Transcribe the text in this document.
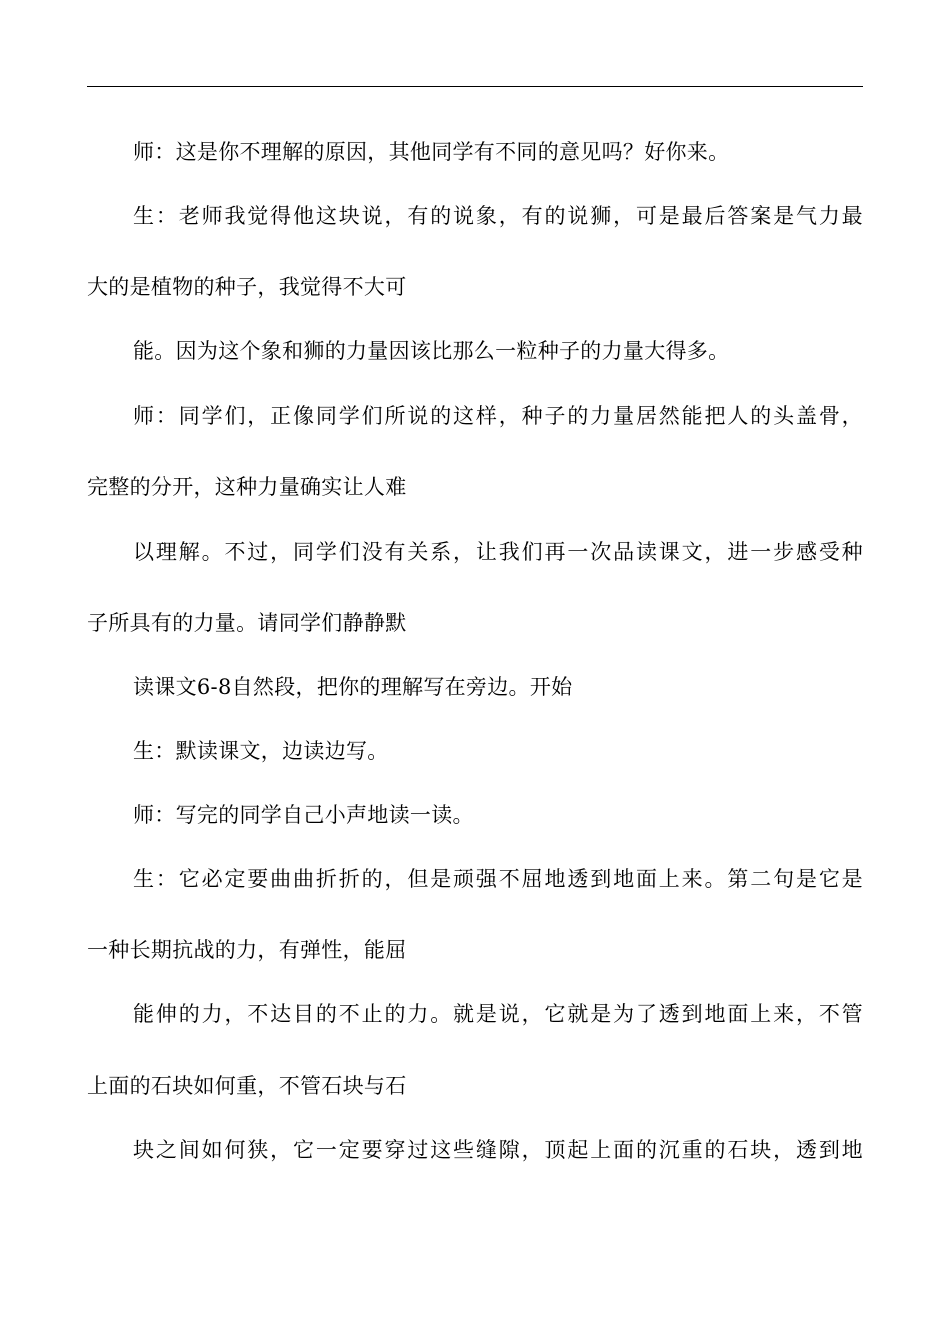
师：这是你不理解的原因，其他同学有不同的意见吗？好你来。
生：老师我觉得他这块说，有的说象，有的说狮，可是最后答案是气力最
大的是植物的种子，我觉得不大可
能。因为这个象和狮的力量因该比那么一粒种子的力量大得多。
师：同学们，正像同学们所说的这样，种子的力量居然能把人的头盖骨，
完整的分开，这种力量确实让人难
以理解。不过，同学们没有关系，让我们再一次品读课文，进一步感受种
子所具有的力量。请同学们静静默
读课文6-8自然段，把你的理解写在旁边。开始
生：默读课文，边读边写。
师：写完的同学自己小声地读一读。
生：它必定要曲曲折折的，但是顽强不屈地透到地面上来。第二句是它是
一种长期抗战的力，有弹性，能屈
能伸的力，不达目的不止的力。就是说，它就是为了透到地面上来，不管
上面的石块如何重，不管石块与石
块之间如何狭，它一定要穿过这些缝隙，顶起上面的沉重的石块，透到地
